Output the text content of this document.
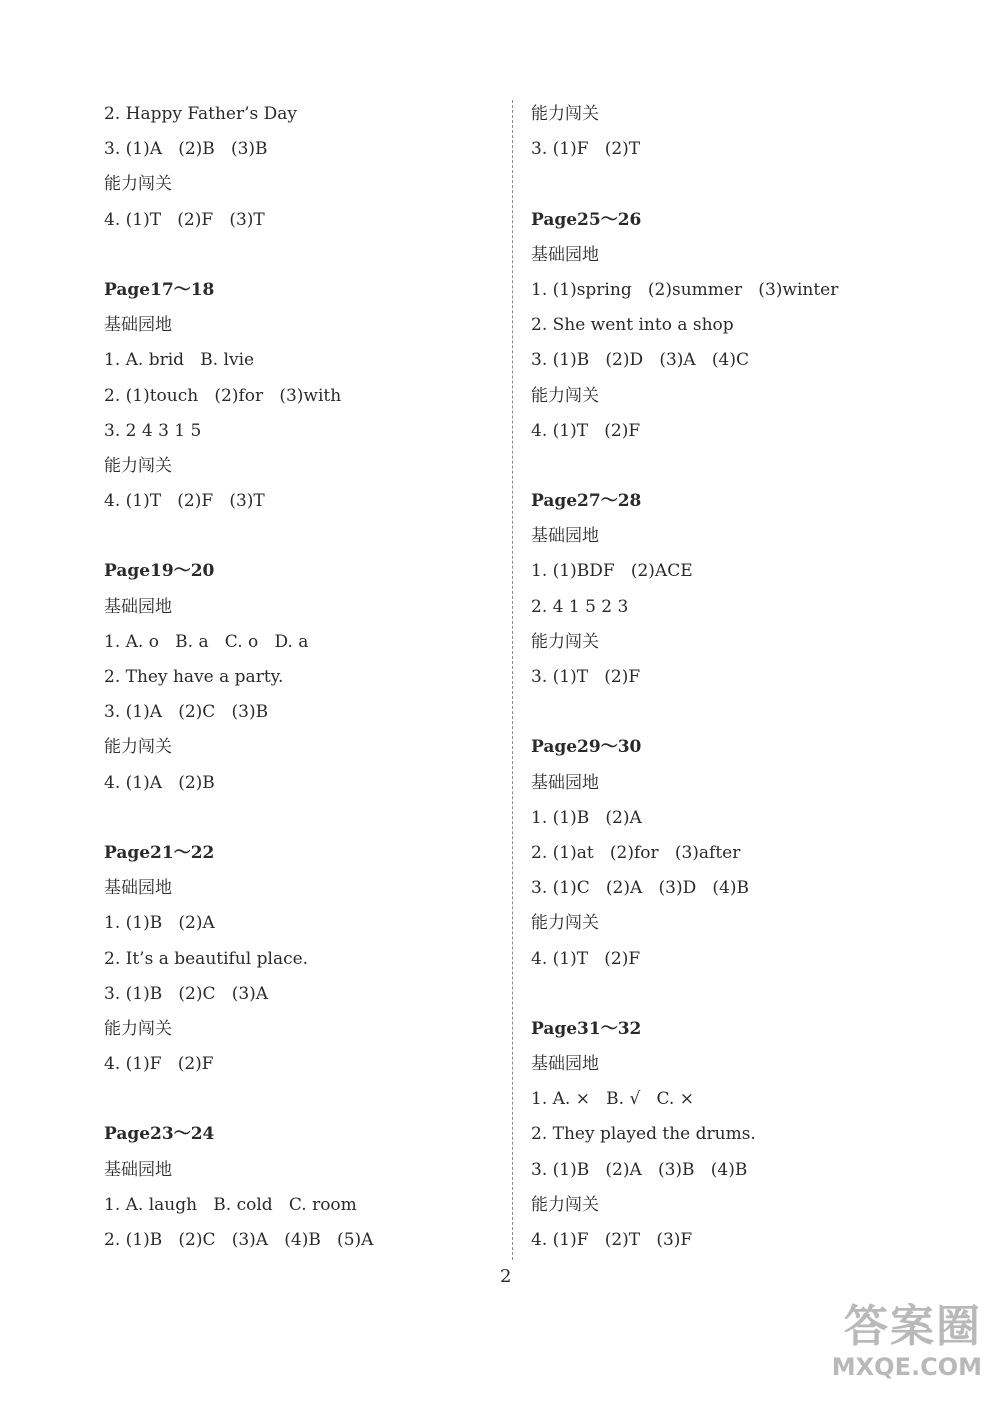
2. Happy Father’s Day
3. (1)A   (2)B   (3)B
能力闯关
4. (1)T   (2)F   (3)T
Page17～18
基础园地
1. A. brid   B. lvie
2. (1)touch   (2)for   (3)with
3. 2 4 3 1 5
能力闯关
4. (1)T   (2)F   (3)T
Page19～20
基础园地
1. A. o   B. a   C. o   D. a
2. They have a party.
3. (1)A   (2)C   (3)B
能力闯关
4. (1)A   (2)B
Page21～22
基础园地
1. (1)B   (2)A
2. It’s a beautiful place.
3. (1)B   (2)C   (3)A
能力闯关
4. (1)F   (2)F
Page23～24
基础园地
1. A. laugh   B. cold   C. room
2. (1)B   (2)C   (3)A   (4)B   (5)A
能力闯关
3. (1)F   (2)T
Page25～26
基础园地
1. (1)spring   (2)summer   (3)winter
2. She went into a shop
3. (1)B   (2)D   (3)A   (4)C
能力闯关
4. (1)T   (2)F
Page27～28
基础园地
1. (1)BDF   (2)ACE
2. 4 1 5 2 3
能力闯关
3. (1)T   (2)F
Page29～30
基础园地
1. (1)B   (2)A
2. (1)at   (2)for   (3)after
3. (1)C   (2)A   (3)D   (4)B
能力闯关
4. (1)T   (2)F
Page31～32
基础园地
1. A. ×   B. √   C. ×
2. They played the drums.
3. (1)B   (2)A   (3)B   (4)B
能力闯关
4. (1)F   (2)T   (3)F
2
答案圈
MXQE.COM
